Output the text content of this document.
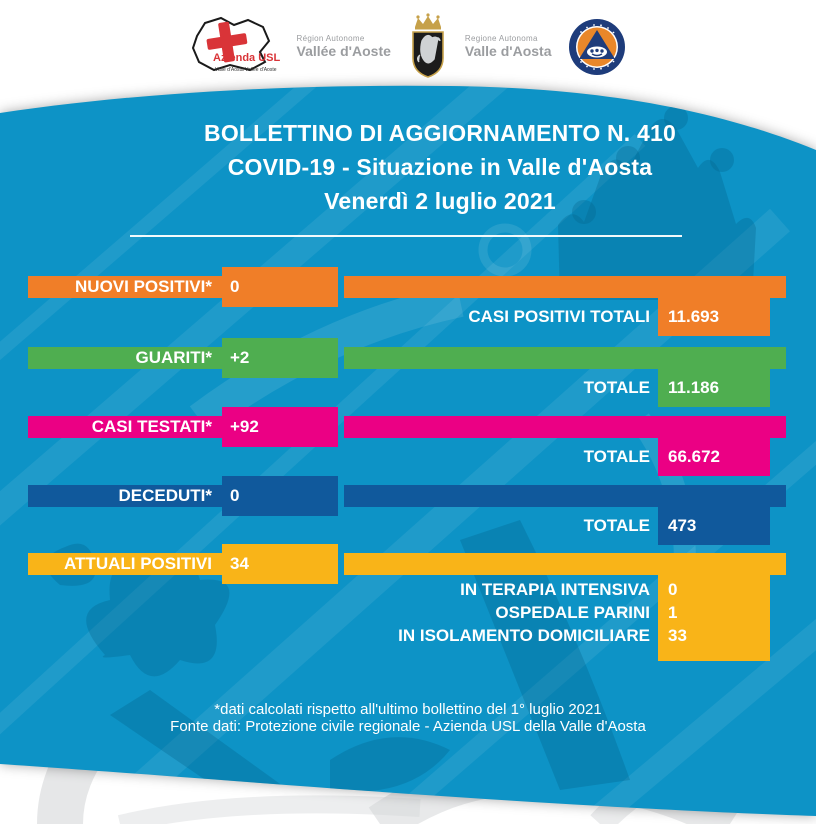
Azienda USL
Valle d'Aosta Vallée d'Aoste
Région Autonome
Vallée d'Aoste
Regione Autonoma
Valle d'Aosta
BOLLETTINO DI AGGIORNAMENTO N. 410
COVID-19 - Situazione in Valle d'Aosta
Venerdì 2 luglio 2021
NUOVI POSITIVI* 0
CASI POSITIVI TOTALI 11.693
GUARITI* +2
TOTALE 11.186
CASI TESTATI* +92
TOTALE 66.672
DECEDUTI* 0
TOTALE 473
ATTUALI POSITIVI 34
IN TERAPIA INTENSIVA 0
OSPEDALE PARINI 1
IN ISOLAMENTO DOMICILIARE 33
*dati calcolati rispetto all'ultimo bollettino del 1° luglio 2021
Fonte dati: Protezione civile regionale - Azienda USL della Valle d'Aosta
